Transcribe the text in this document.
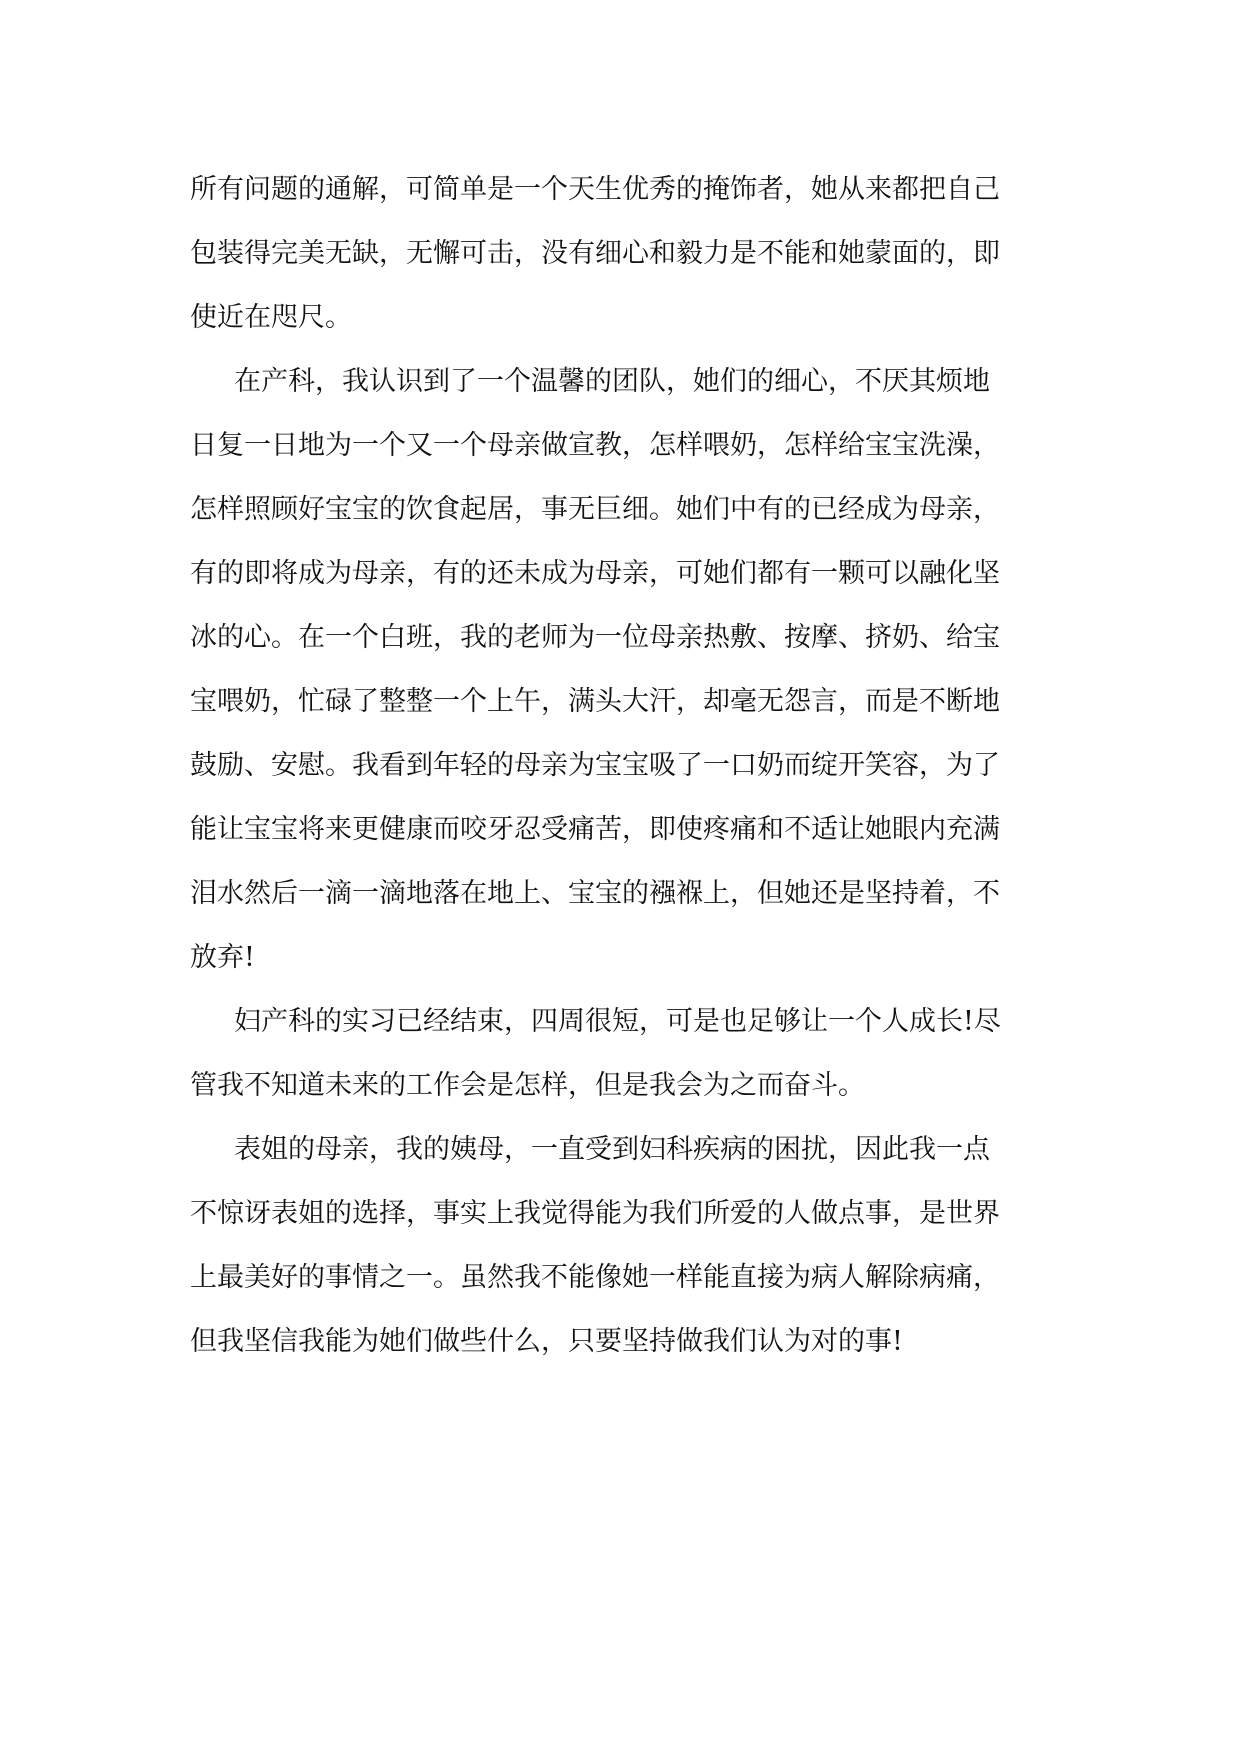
所有问题的通解，可简单是一个天生优秀的掩饰者，她从来都把自己
包装得完美无缺，无懈可击，没有细心和毅力是不能和她蒙面的，即
使近在咫尺。
在产科，我认识到了一个温馨的团队，她们的细心，不厌其烦地
日复一日地为一个又一个母亲做宣教，怎样喂奶，怎样给宝宝洗澡，
怎样照顾好宝宝的饮食起居，事无巨细。她们中有的已经成为母亲，
有的即将成为母亲，有的还未成为母亲，可她们都有一颗可以融化坚
冰的心。在一个白班，我的老师为一位母亲热敷、按摩、挤奶、给宝
宝喂奶，忙碌了整整一个上午，满头大汗，却毫无怨言，而是不断地
鼓励、安慰。我看到年轻的母亲为宝宝吸了一口奶而绽开笑容，为了
能让宝宝将来更健康而咬牙忍受痛苦，即使疼痛和不适让她眼内充满
泪水然后一滴一滴地落在地上、宝宝的襁褓上，但她还是坚持着，不
放弃!
妇产科的实习已经结束，四周很短，可是也足够让一个人成长!尽
管我不知道未来的工作会是怎样，但是我会为之而奋斗。
表姐的母亲，我的姨母，一直受到妇科疾病的困扰，因此我一点
不惊讶表姐的选择，事实上我觉得能为我们所爱的人做点事，是世界
上最美好的事情之一。虽然我不能像她一样能直接为病人解除病痛，
但我坚信我能为她们做些什么，只要坚持做我们认为对的事!
